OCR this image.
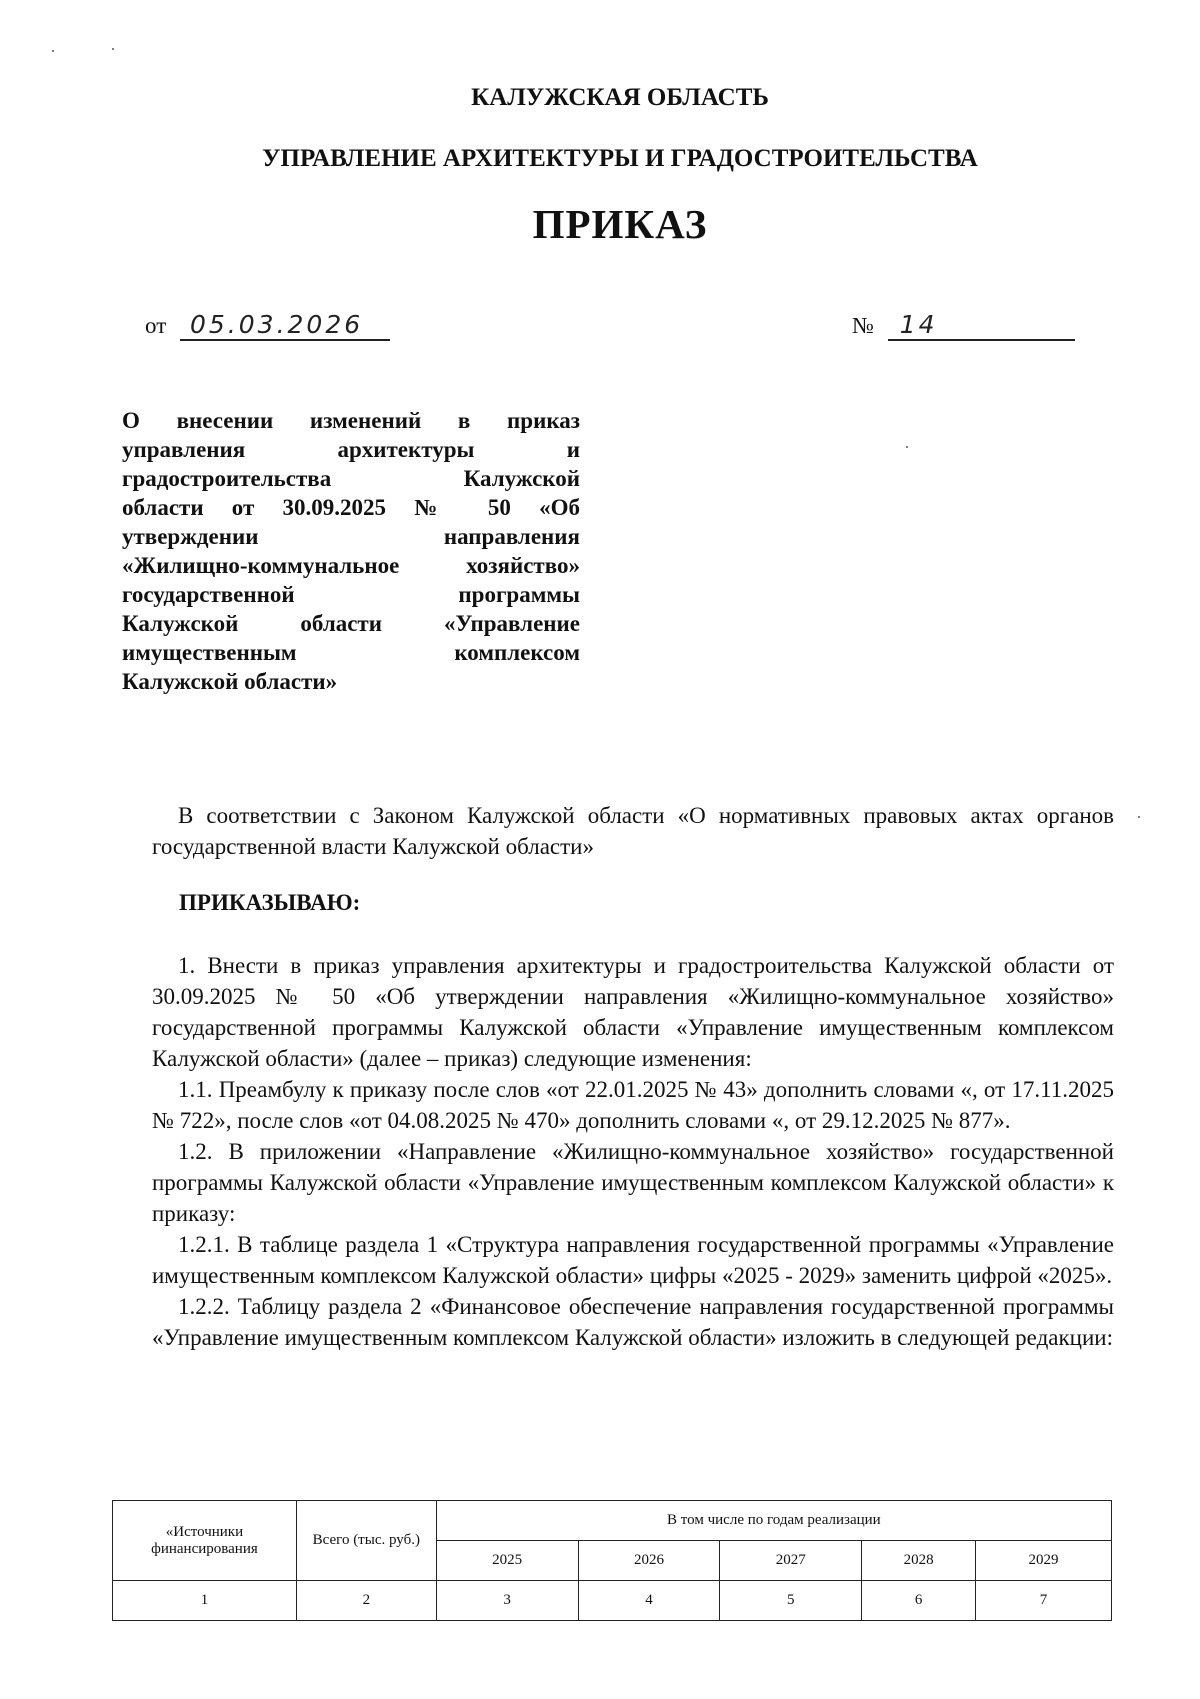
КАЛУЖСКАЯ ОБЛАСТЬ
УПРАВЛЕНИЕ АРХИТЕКТУРЫ И ГРАДОСТРОИТЕЛЬСТВА
ПРИКАЗ
от 05.03.2026	№ 14
О внесении изменений в приказ
управления архитектуры и
градостроительства Калужской
области от 30.09.2025 № 50 «Об
утверждении направления
«Жилищно-коммунальное хозяйство»
государственной программы
Калужской области «Управление
имущественным комплексом
Калужской области»

В соответствии с Законом Калужской области «О нормативных правовых актах органов государственной власти Калужской области»

ПРИКАЗЫВАЮ:

1. Внести в приказ управления архитектуры и градостроительства Калужской области от 30.09.2025 № 50 «Об утверждении направления «Жилищно-коммунальное хозяйство» государственной программы Калужской области «Управление имущественным комплексом Калужской области» (далее – приказ) следующие изменения:

1.1. Преамбулу к приказу после слов «от 22.01.2025 № 43» дополнить словами «, от 17.11.2025 № 722», после слов «от 04.08.2025 № 470» дополнить словами «, от 29.12.2025 № 877».

1.2. В приложении «Направление «Жилищно-коммунальное хозяйство» государственной программы Калужской области «Управление имущественным комплексом Калужской области» к приказу:

1.2.1. В таблице раздела 1 «Структура направления государственной программы «Управление имущественным комплексом Калужской области» цифры «2025 - 2029» заменить цифрой «2025».

1.2.2. Таблицу раздела 2 «Финансовое обеспечение направления государственной программы «Управление имущественным комплексом Калужской области» изложить в следующей редакции:

«Источники финансирования	Всего (тыс. руб.)	В том числе по годам реализации				
		2025	2026	2027	2028	2029
1	2	3	4	5	6	7
